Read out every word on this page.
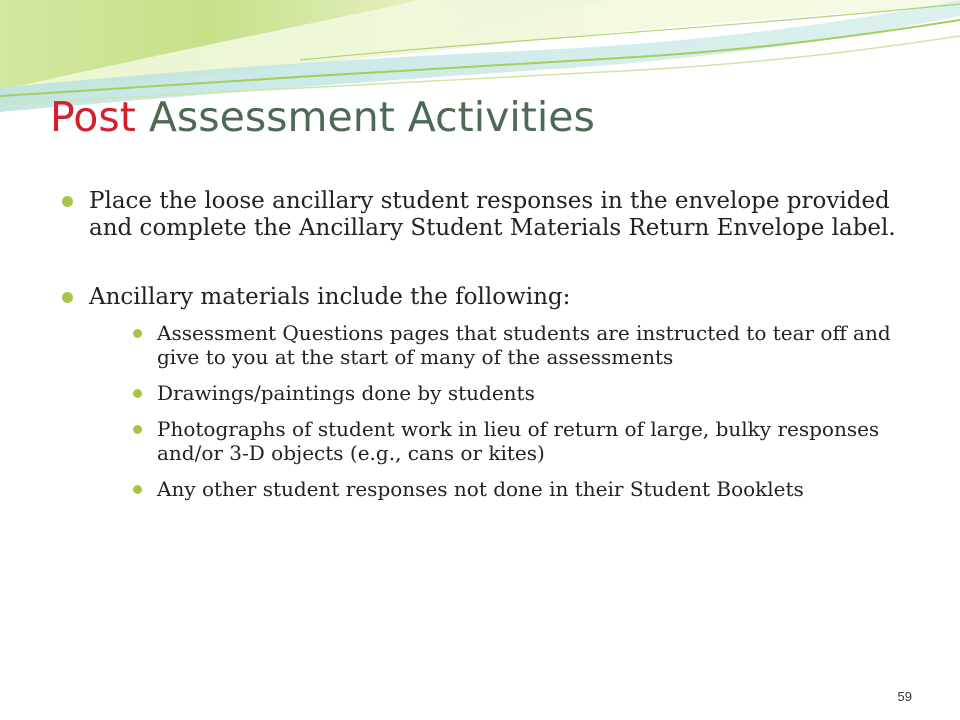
Post Assessment Activities
Place the loose ancillary student responses in the envelope provided and complete the Ancillary Student Materials Return Envelope label.
Ancillary materials include the following:
Assessment Questions pages that students are instructed to tear off and give to you at the start of many of the assessments
Drawings/paintings done by students
Photographs of student work in lieu of return of large, bulky responses and/or 3-D objects (e.g., cans or kites)
Any other student responses not done in their Student Booklets
59
